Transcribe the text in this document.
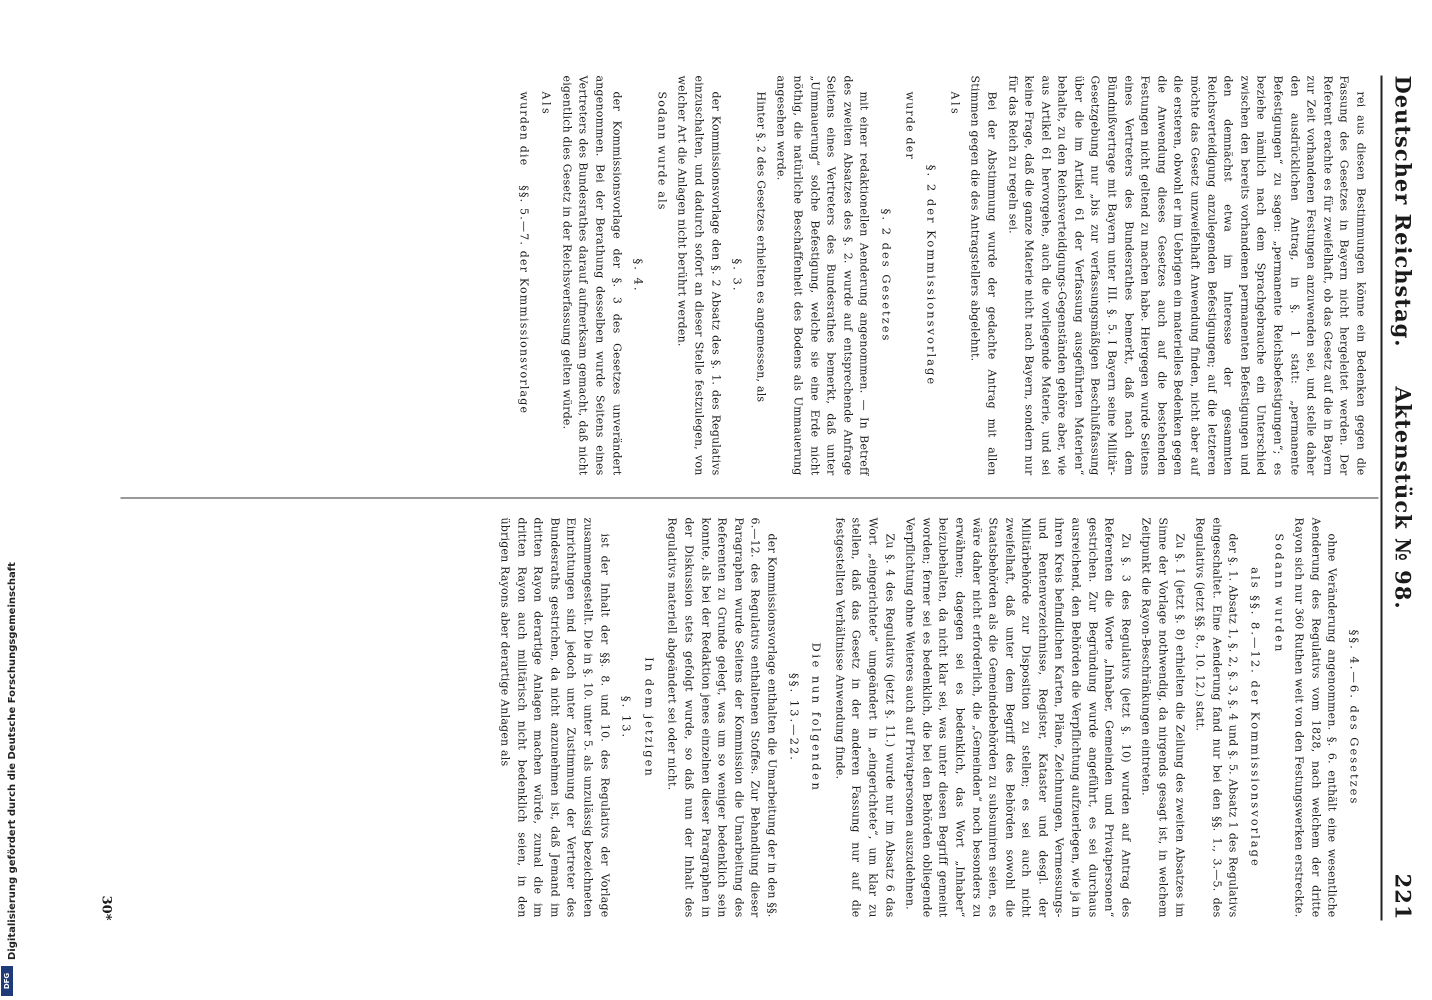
DFG
Digitalisierung gefördert durch die Deutsche Forschungsgemeinschaft
Deutscher Reichstag.
Aktenstück № 98.
221

rei aus diesen Bestimmungen könne ein Bedenken gegen die Fassung des Gesetzes in Bayern nicht hergeleitet werden. Der Referent erachte es für zweifelhaft, ob das Gesetz auf die in Bayern zur Zeit vorhandenen Festungen anzuwenden sei, und stelle daher den ausdrücklichen Antrag, in §. 1 statt: „permanente Befestigungen“ zu sagen: „permanente Reichsbefestigungen“; es beziehe nämlich nach dem Sprachgebrauche ein Unterschied zwischen den bereits vorhandenen permanenten Befestigungen und den demnächst etwa im Interesse der gesammten Reichsverteidigung anzulegenden Befestigungen; auf die letzteren möchte das Gesetz unzweifelhaft Anwendung finden, nicht aber auf die ersteren, obwohl er im Uebrigen ein materielles Bedenken gegen die Anwendung dieses Gesetzes auch auf die bestehenden Festungen nicht geltend zu machen habe. Hiergegen wurde Seitens eines Vertreters des Bundesrathes bemerkt, daß nach dem Bündnißvertrage mit Bayern unter III. §. 5. I Bayern seine Militär-Gesetzgebung nur „bis zur verfassungsmäßigen Beschlußfassung über die im Artikel 61 der Verfassung ausgeführten Materien“ behalte, zu den Reichsverteidigungs-Gegenständen gehöre aber, wie aus Artikel 61 hervorgehe, auch die vorliegende Materie, und sei keine Frage, daß die ganze Materie nicht nach Bayern, sondern nur für das Reich zu regeln sei.

Bei der Abstimmung wurde der gedachte Antrag mit allen Stimmen gegen die des Antragstellers abgelehnt.

Als
§. 2 der Kommissionsvorlage
wurde der
§. 2 des Gesetzes

mit einer redaktionellen Aenderung angenommen. — In Betreff des zweiten Absatzes des §. 2. wurde auf entsprechende Anfrage Seitens eines Vertreters des Bundesrathes bemerkt, daß unter „Ummauerung“ solche Befestigung, welche sie eine Erde nicht nöthig, die natürliche Beschaffenheit des Bodens als Ummauerung angesehen werde.

Hinter §. 2 des Gesetzes erhielten es angemessen, als

§. 3.

der Kommissionsvorlage den §. 2 Absatz des §. 1. des Regulativs einzuschalten, und dadurch sofort an dieser Stelle festzulegen, von welcher Art die Anlagen nicht berührt werden.

Sodann wurde als
§. 4.

der Kommissionsvorlage der §. 3 des Gesetzes unverändert angenommen. Bei der Berathung desselben wurde Seitens eines Vertreters des Bundesrathes darauf aufmerksam gemacht, daß nicht eigentlich dies Gesetz in der Reichsverfassung gelten würde.

Als
wurden die    §§. 5.—7. der Kommissionsvorlage
§§. 4.—6. des Gesetzes

ohne Veränderung angenommen. §. 6. enthält eine wesentliche Aenderung des Regulativs vom 1828, nach welchem der dritte Rayon sich nur 360 Ruthen weit von den Festungswerken erstreckte.

Sodann wurden
als §§. 8.—12. der Kommissionsvorlage

der §. 1. Absatz 1, §. 2, §. 3, §. 4 und §. 5. Absatz 1 des Regulativs eingeschaltet. Eine Aenderung fand nur bei den §§. 1., 3.—5. des Regulativs (jetzt §§. 8., 10. 12.) statt.

Zu §. 1 (jetzt §. 8) erhielten die Zeilung des zweiten Absatzes im Sinne der Vorlage nothwendig, da nirgends gesagt ist, in welchem Zeitpunkt die Rayon-Beschränkungen eintreten.

Zu §. 3 des Regulativs (jetzt §. 10) wurden auf Antrag des Referenten die Worte „Inhaber, Gemeinden und Privatpersonen“ gestrichen. Zur Begründung wurde angeführt, es sei durchaus ausreichend, den Behörden die Verpflichtung aufzuerlegen, wie ja in ihren Kreis befindlichen Karten, Pläne, Zeichnungen, Vermessungs- und Rentenverzeichnisse, Register, Kataster und desgl. der Militärbehörde zur Disposition zu stellen; es sei auch nicht zweifelhaft, daß unter dem Begriff des Behörden sowohl die Staatsbehörden als die Gemeindebehörden zu subsumiren seien, es wäre daher nicht erforderlich, die „Gemeinden“ noch besonders zu erwähnen; dagegen sei es bedenklich, das Wort „Inhaber“ beizubehalten, da nicht klar sei, was unter diesen Begriff gemeint worden; ferner sei es bedenklich, die bei den Behörden obliegende Verpflichtung ohne Weiteres auch auf Privatpersonen auszudehnen.

Zu §. 4 des Regulativs (jetzt §. 11.) wurde nur im Absatz 6 das Wort „eingerichtete“ umgeändert in „eingerichtete“, um klar zu stellen, daß das Gesetz in der anderen Fassung nur auf die festgestellten Verhältnisse Anwendung finde.

Die nun folgenden
§§. 13.—22.

der Kommissionsvorlage enthalten die Umarbeitung der in den §§. 6.—12. des Regulativs enthaltenen Stoffes. Zur Behandlung dieser Paragraphen wurde Seitens der Kommission die Umarbeitung des Referenten zu Grunde gelegt, was um so weniger bedenklich sein konnte, als bei der Redaktion jenes einzelnen dieser Paragraphen in der Diskussion stets gefolgt wurde, so daß nun der Inhalt des Regulativs materiell abgeändert sei oder nicht.

In dem jetzigen
§. 13.

ist der Inhalt der §§. 8. und 10. des Regulativs der Vorlage zusammengestellt. Die in §. 10. unter 5. als unzulässig bezeichneten Einrichtungen sind jedoch unter Zustimmung der Vertreter des Bundesraths gestrichen, da nicht anzunehmen ist, daß Jemand im dritten Rayon derartige Anlagen machen würde, zumal die im dritten Rayon auch militärisch nicht bedenklich seien, in den übrigen Rayons aber derartige Anlagen als

30*
